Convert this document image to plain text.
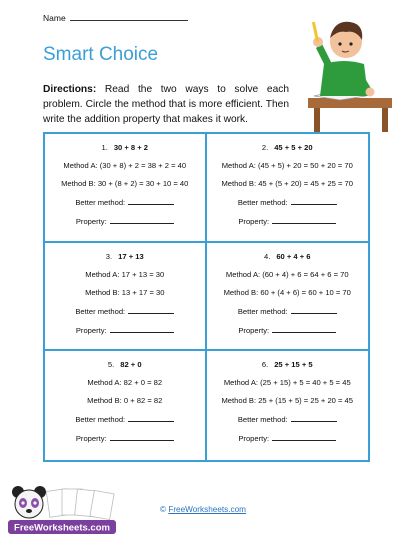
Name
Smart Choice
Directions: Read the two ways to solve each problem. Circle the method that is more efficient. Then write the addition property that makes it work.
1. 30 + 8 + 2
Method A: (30 + 8) + 2 = 38 + 2 = 40
Method B: 30 + (8 + 2) = 30 + 10 = 40
Better method:
Property:
2. 45 + 5 + 20
Method A: (45 + 5) + 20 = 50 + 20 = 70
Method B: 45 + (5 + 20) = 45 + 25 = 70
Better method:
Property:
3. 17 + 13
Method A: 17 + 13 = 30
Method B: 13 + 17 = 30
Better method:
Property:
4. 60 + 4 + 6
Method A: (60 + 4) + 6 = 64 + 6 = 70
Method B: 60 + (4 + 6) = 60 + 10 = 70
Better method:
Property:
5. 82 + 0
Method A: 82 + 0 = 82
Method B: 0 + 82 = 82
Better method:
Property:
6. 25 + 15 + 5
Method A: (25 + 15) + 5 = 40 + 5 = 45
Method B: 25 + (15 + 5) = 25 + 20 = 45
Better method:
Property:
FreeWorksheets.com
© FreeWorksheets.com
